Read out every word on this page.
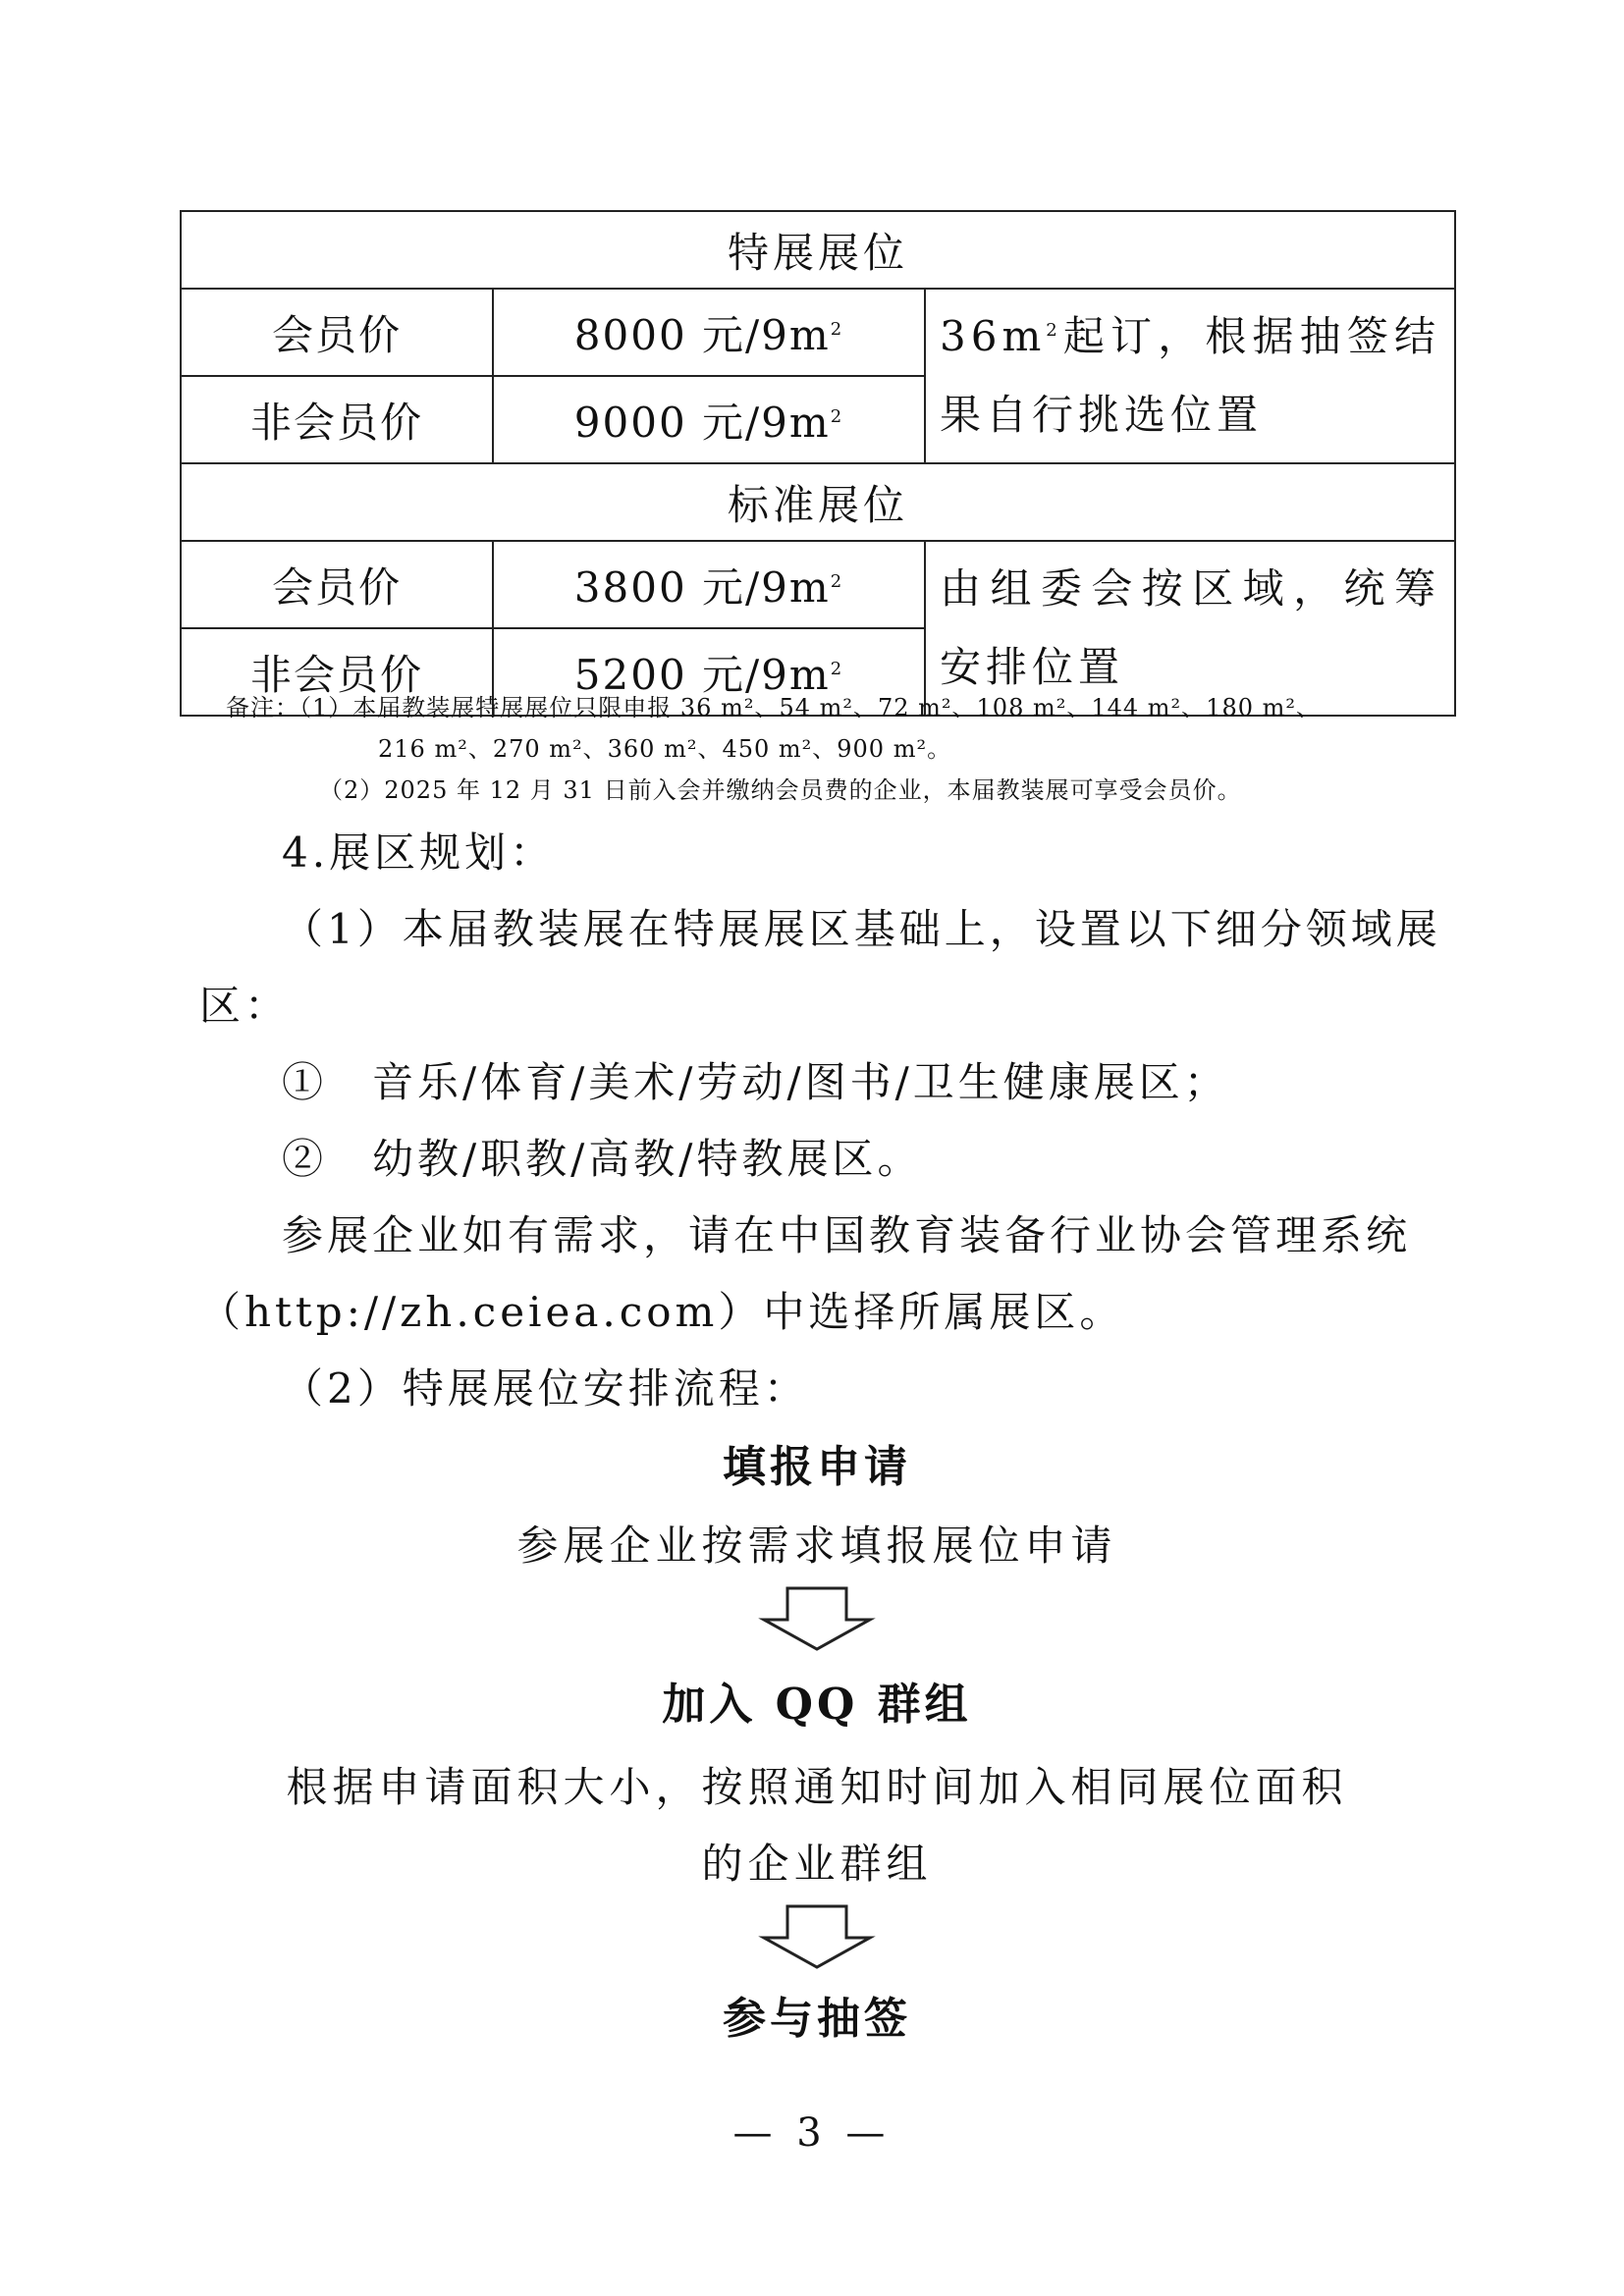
特展展位		
会员价	8000 元$/9m^2$	$36m^2$起订，根据抽签结果自行挑选位置
非会员价	9000 元$/9m^2$
标准展位		
会员价	3800 元$/9m^2$	由组委会按区域，统筹安排位置
非会员价	5200 元$/9m^2$
备注：（1）本届教装展特展展位只限申报 36 m²、54 m²、72 m²、108 m²、144 m²、180 m²、
216 m²、270 m²、360 m²、450 m²、900 m²。
（2）2025 年 12 月 31 日前入会并缴纳会员费的企业，本届教装展可享受会员价。
4.展区规划：
（1）本届教装展在特展展区基础上，设置以下细分领域展区：
①　音乐/体育/美术/劳动/图书/卫生健康展区；
②　幼教/职教/高教/特教展区。
参展企业如有需求，请在中国教育装备行业协会管理系统（http://zh.ceiea.com）中选择所属展区。
（2）特展展位安排流程：
填报申请
参展企业按需求填报展位申请
加入 QQ 群组
根据申请面积大小，按照通知时间加入相同展位面积的企业群组
参与抽签
— 3 —
